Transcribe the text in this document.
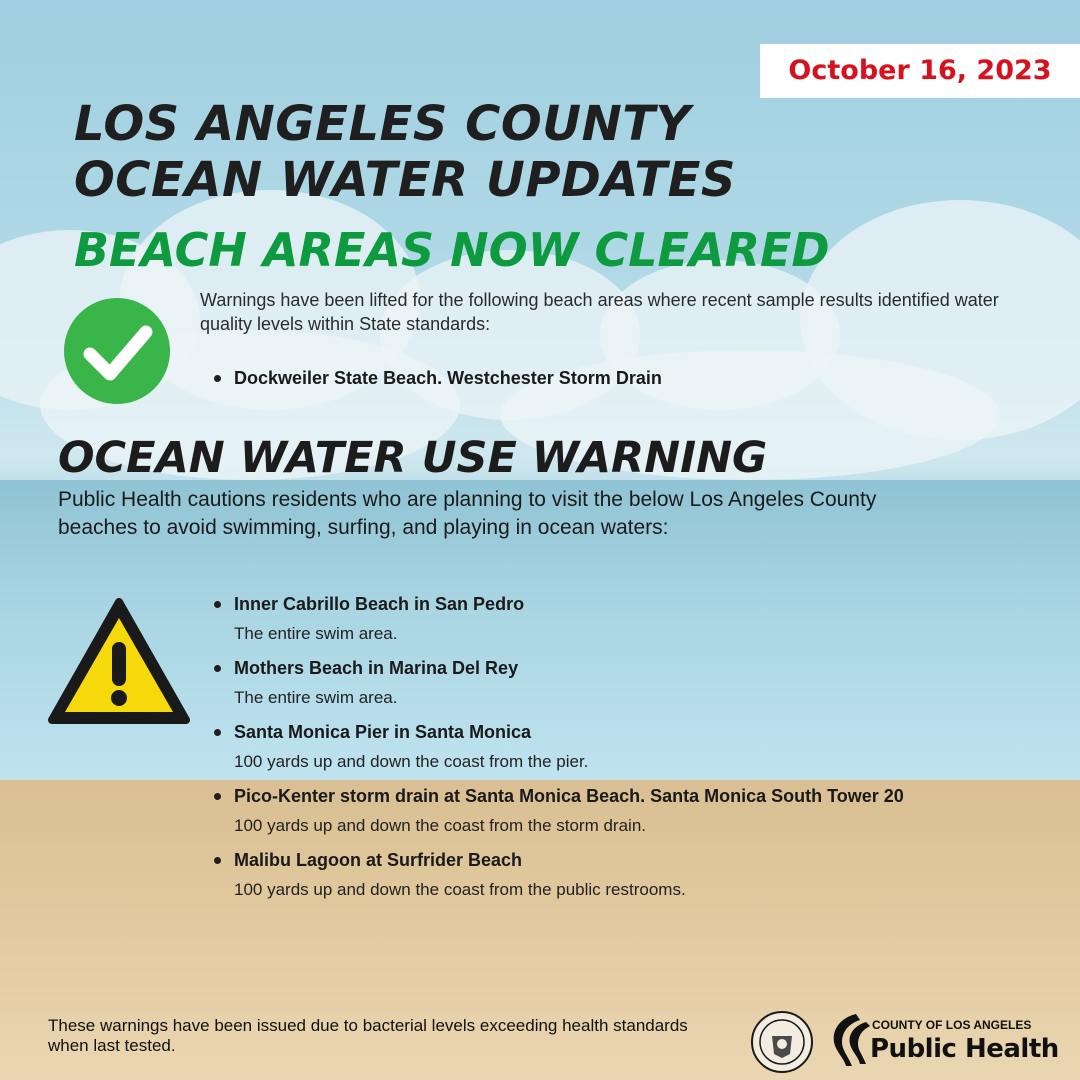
October 16, 2023
LOS ANGELES COUNTY
OCEAN WATER UPDATES
BEACH AREAS NOW CLEARED

Warnings have been lifted for the following beach areas where recent sample results identified water quality levels within State standards:

Dockweiler State Beach. Westchester Storm Drain
OCEAN WATER USE WARNING

Public Health cautions residents who are planning to visit the below Los Angeles County beaches to avoid swimming, surfing, and playing in ocean waters:

Inner Cabrillo Beach in San Pedro
The entire swim area.
Mothers Beach in Marina Del Rey
The entire swim area.
Santa Monica Pier in Santa Monica
100 yards up and down the coast from the pier.
Pico-Kenter storm drain at Santa Monica Beach. Santa Monica South Tower 20
100 yards up and down the coast from the storm drain.
Malibu Lagoon at Surfrider Beach
100 yards up and down the coast from the public restrooms.

These warnings have been issued due to bacterial levels exceeding health standards when last tested.

COUNTY OF LOS ANGELES
Public Health
